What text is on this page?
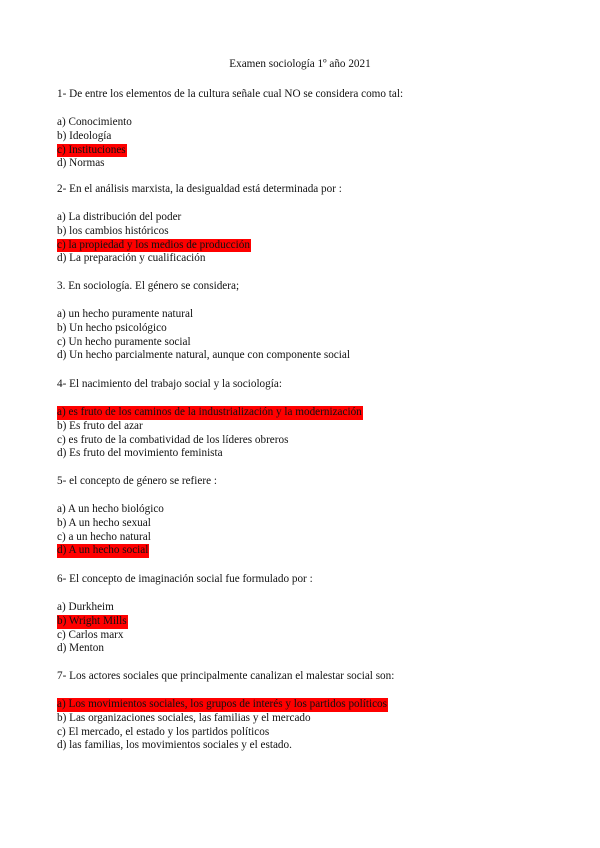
Examen sociología 1º año 2021
1- De entre los elementos de la cultura señale cual NO se considera como tal:
a) Conocimiento
b) Ideología
c) Instituciones
d) Normas
2- En el análisis marxista, la desigualdad está determinada por :
a) La distribución del poder
b) los cambios históricos
c) la propiedad y los medios de producción
d) La preparación y cualificación
3. En sociología. El género se considera;
a) un hecho puramente natural
b) Un hecho psicológico
c) Un hecho puramente social
d) Un hecho parcialmente natural, aunque con componente social
4- El nacimiento del trabajo social y la sociología:
a) es fruto de los caminos de la industrialización y la modernización
b) Es fruto del azar
c) es fruto de la combatividad de los líderes obreros
d) Es fruto del movimiento feminista
5- el concepto de género se refiere :
a) A un hecho biológico
b) A un hecho sexual
c) a un hecho natural
d) A un hecho social
6- El concepto de imaginación social fue formulado por :
a) Durkheim
b) Wright Mills
c) Carlos marx
d) Menton
7- Los actores sociales que principalmente canalizan el malestar social son:
a) Los movimientos sociales, los grupos de interés y los partidos políticos
b) Las organizaciones sociales, las familias y el mercado
c) El mercado, el estado y los partidos políticos
d) las familias, los movimientos sociales y el estado.
